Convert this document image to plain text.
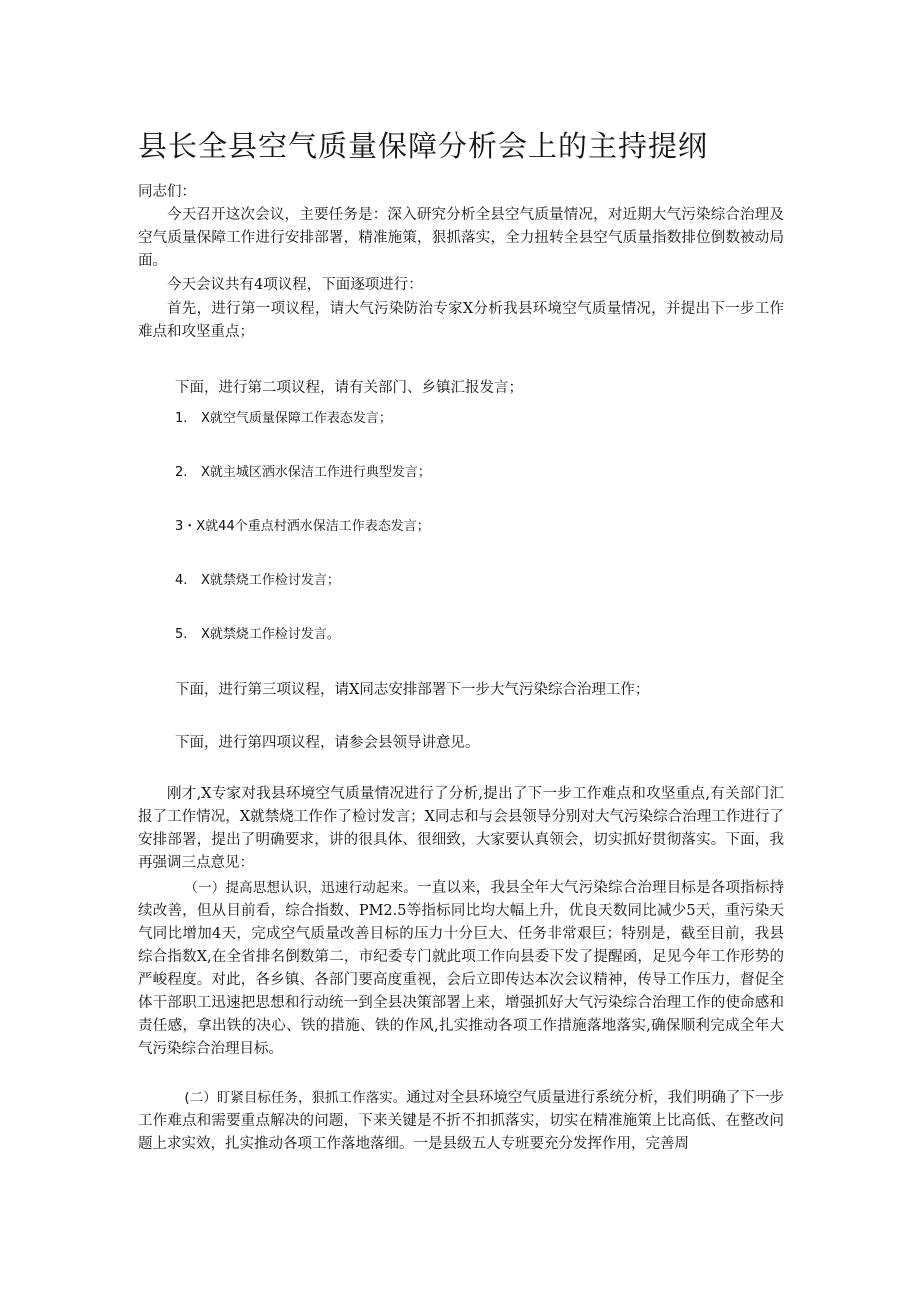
县长全县空气质量保障分析会上的主持提纲

同志们：

今天召开这次会议，主要任务是：深入研究分析全县空气质量情况，对近期大气污染综合治理及空气质量保障工作进行安排部署，精准施策，狠抓落实，全力扭转全县空气质量指数排位倒数被动局面。

今天会议共有4项议程，下面逐项进行：

首先，进行第一项议程，请大气污染防治专家X分析我县环境空气质量情况，并提出下一步工作难点和攻坚重点；

下面，进行第二项议程，请有关部门、乡镇汇报发言；

1. X就空气质量保障工作表态发言；

2. X就主城区洒水保洁工作进行典型发言；

3・X就44个重点村洒水保洁工作表态发言；

4. X就禁烧工作检讨发言；

5. X就禁烧工作检讨发言。

下面，进行第三项议程，请X同志安排部署下一步大气污染综合治理工作；

下面，进行第四项议程，请参会县领导讲意见。

刚才,X专家对我县环境空气质量情况进行了分析,提出了下一步工作难点和攻坚重点,有关部门汇报了工作情况，X就禁烧工作作了检讨发言；X同志和与会县领导分别对大气污染综合治理工作进行了安排部署，提出了明确要求，讲的很具体、很细致，大家要认真领会，切实抓好贯彻落实。下面，我再强调三点意见：

（一）提高思想认识，迅速行动起来。一直以来，我县全年大气污染综合治理目标是各项指标持续改善，但从目前看，综合指数、PM2.5等指标同比均大幅上升，优良天数同比减少5天，重污染天气同比增加4天，完成空气质量改善目标的压力十分巨大、任务非常艰巨；特别是，截至目前，我县综合指数X,在全省排名倒数第二，市纪委专门就此项工作向县委下发了提醒函，足见今年工作形势的严峻程度。对此，各乡镇、各部门要高度重视，会后立即传达本次会议精神，传导工作压力，督促全体干部职工迅速把思想和行动统一到全县决策部署上来，增强抓好大气污染综合治理工作的使命感和责任感，拿出铁的决心、铁的措施、铁的作风,扎实推动各项工作措施落地落实,确保顺利完成全年大气污染综合治理目标。

(二）盯紧目标任务，狠抓工作落实。通过对全县环境空气质量进行系统分析，我们明确了下一步工作难点和需要重点解决的问题，下来关键是不折不扣抓落实，切实在精准施策上比高低、在整改问题上求实效，扎实推动各项工作落地落细。一是县级五人专班要充分发挥作用，完善周
